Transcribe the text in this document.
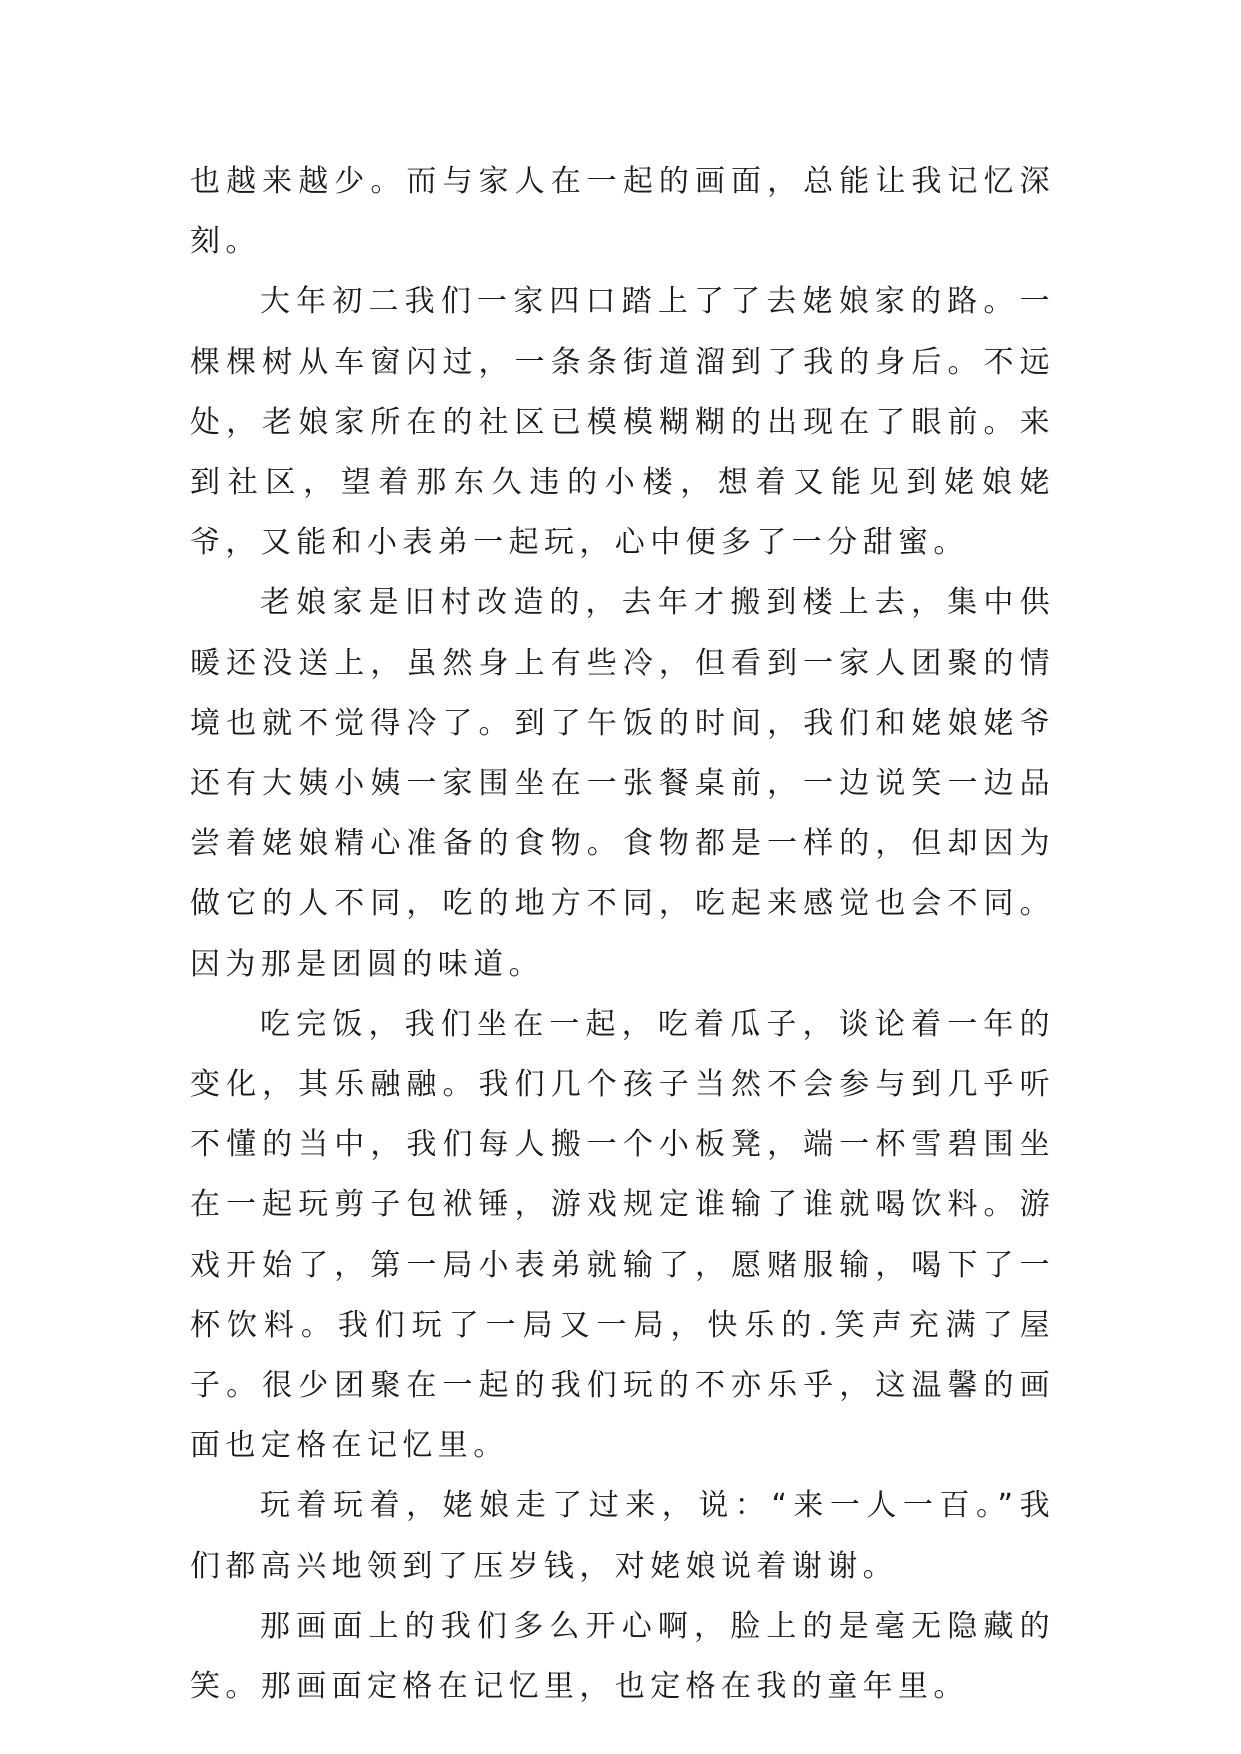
也越来越少。而与家人在一起的画面，总能让我记忆深刻。

大年初二我们一家四口踏上了了去姥娘家的路。一棵棵树从车窗闪过，一条条街道溜到了我的身后。不远处，老娘家所在的社区已模模糊糊的出现在了眼前。来到社区，望着那东久违的小楼，想着又能见到姥娘姥爷，又能和小表弟一起玩，心中便多了一分甜蜜。

老娘家是旧村改造的，去年才搬到楼上去，集中供暖还没送上，虽然身上有些冷，但看到一家人团聚的情境也就不觉得冷了。到了午饭的时间，我们和姥娘姥爷还有大姨小姨一家围坐在一张餐桌前，一边说笑一边品尝着姥娘精心准备的食物。食物都是一样的，但却因为做它的人不同，吃的地方不同，吃起来感觉也会不同。因为那是团圆的味道。

吃完饭，我们坐在一起，吃着瓜子，谈论着一年的变化，其乐融融。我们几个孩子当然不会参与到几乎听不懂的当中，我们每人搬一个小板凳，端一杯雪碧围坐在一起玩剪子包袱锤，游戏规定谁输了谁就喝饮料。游戏开始了，第一局小表弟就输了，愿赌服输，喝下了一杯饮料。我们玩了一局又一局，快乐的.笑声充满了屋子。很少团聚在一起的我们玩的不亦乐乎，这温馨的画面也定格在记忆里。

玩着玩着，姥娘走了过来，说：“来一人一百。”我们都高兴地领到了压岁钱，对姥娘说着谢谢。

那画面上的我们多么开心啊，脸上的是毫无隐藏的笑。那画面定格在记忆里，也定格在我的童年里。
